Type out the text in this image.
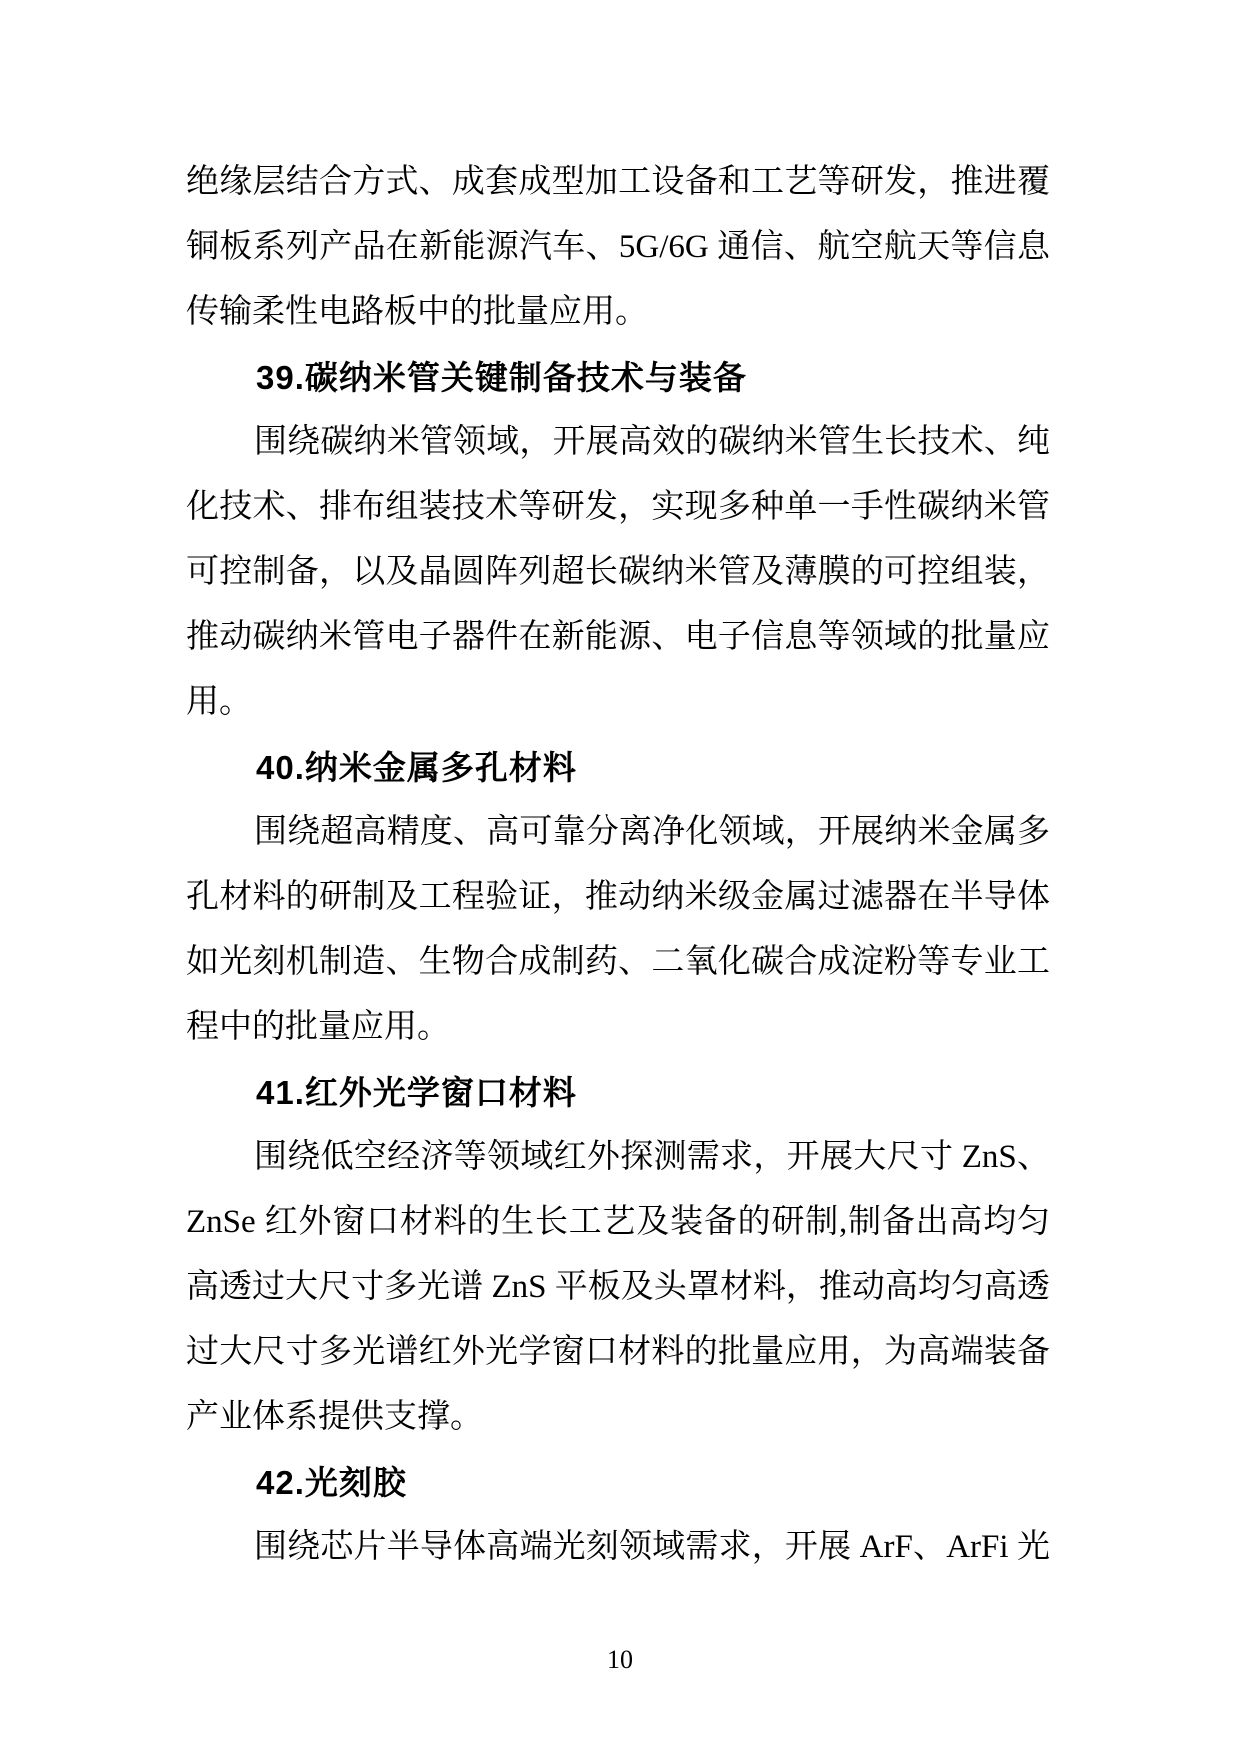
绝缘层结合方式、成套成型加工设备和工艺等研发，推进覆
铜板系列产品在新能源汽车、5G/6G 通信、航空航天等信息
传输柔性电路板中的批量应用。
39.碳纳米管关键制备技术与装备
围绕碳纳米管领域，开展高效的碳纳米管生长技术、纯
化技术、排布组装技术等研发，实现多种单一手性碳纳米管
可控制备，以及晶圆阵列超长碳纳米管及薄膜的可控组装，
推动碳纳米管电子器件在新能源、电子信息等领域的批量应
用。
40.纳米金属多孔材料
围绕超高精度、高可靠分离净化领域，开展纳米金属多
孔材料的研制及工程验证，推动纳米级金属过滤器在半导体
如光刻机制造、生物合成制药、二氧化碳合成淀粉等专业工
程中的批量应用。
41.红外光学窗口材料
围绕低空经济等领域红外探测需求，开展大尺寸 ZnS、
ZnSe 红外窗口材料的生长工艺及装备的研制,制备出高均匀
高透过大尺寸多光谱 ZnS 平板及头罩材料，推动高均匀高透
过大尺寸多光谱红外光学窗口材料的批量应用，为高端装备
产业体系提供支撑。
42.光刻胶
围绕芯片半导体高端光刻领域需求，开展 ArF、ArFi 光
10
